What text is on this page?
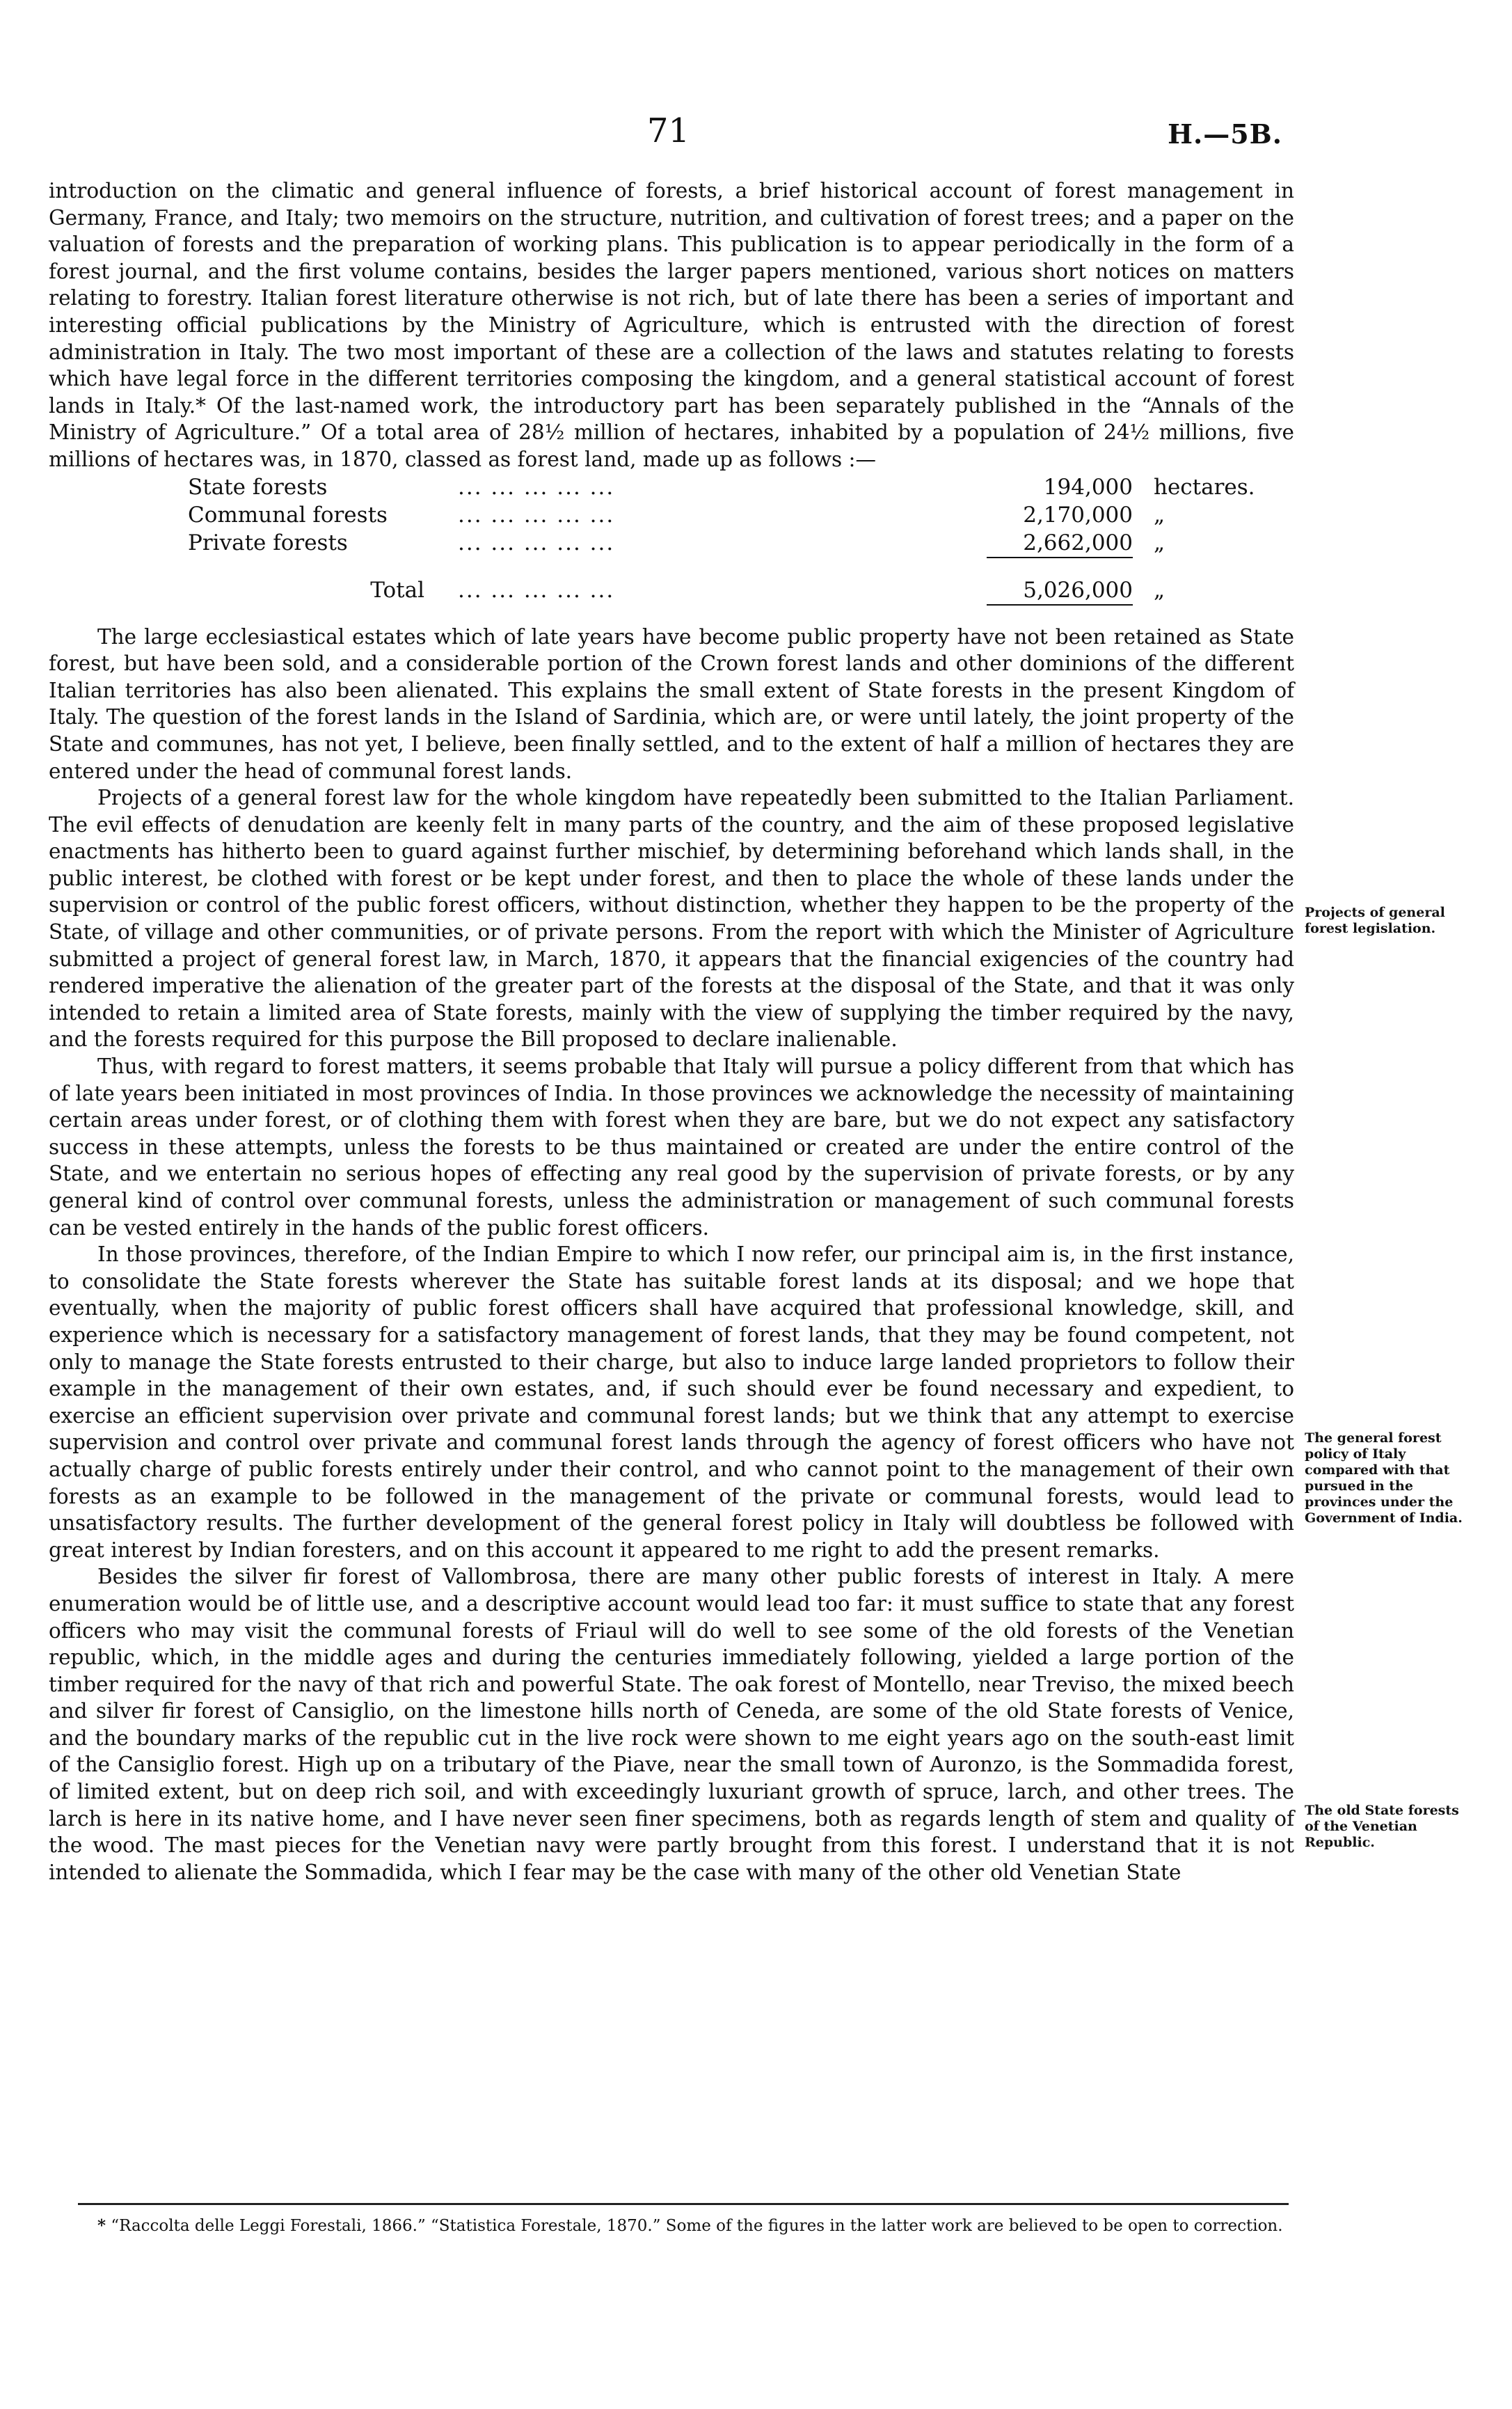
71	H.—5B.

introduction on the climatic and general influence of forests, a brief historical account of forest management in Germany, France, and Italy; two memoirs on the structure, nutrition, and cultivation of forest trees; and a paper on the valuation of forests and the preparation of working plans. This publication is to appear periodically in the form of a forest journal, and the first volume contains, besides the larger papers mentioned, various short notices on matters relating to forestry. Italian forest literature otherwise is not rich, but of late there has been a series of important and interesting official publications by the Ministry of Agriculture, which is entrusted with the direction of forest administration in Italy. The two most important of these are a collection of the laws and statutes relating to forests which have legal force in the different territories composing the kingdom, and a general statistical account of forest lands in Italy.* Of the last-named work, the introductory part has been separately published in the “Annals of the Ministry of Agriculture.” Of a total area of 28½ million of hectares, inhabited by a population of 24½ millions, five millions of hectares was, in 1870, classed as forest land, made up as follows :—

State forests	... ... ... ... ...	194,000	hectares.
Communal forests	... ... ... ... ...	2,170,000	„
Private forests	... ... ... ... ...	2,662,000	„

Total	... ... ... ... ...	5,026,000	„

The large ecclesiastical estates which of late years have become public property have not been retained as State forest, but have been sold, and a considerable portion of the Crown forest lands and other dominions of the different Italian territories has also been alienated. This explains the small extent of State forests in the present Kingdom of Italy. The question of the forest lands in the Island of Sardinia, which are, or were until lately, the joint property of the State and communes, has not yet, I believe, been finally settled, and to the extent of half a million of hectares they are entered under the head of communal forest lands.

Projects of a general forest law for the whole kingdom have repeatedly been submitted to the Italian Parliament. The evil effects of denudation are keenly felt in many parts of the country, and the aim of these proposed legislative enactments has hitherto been to guard against further mischief, by determining beforehand which lands shall, in the public interest, be clothed with forest or be kept under forest, and then to place the whole of these lands under the supervision or control of the public forest officers, without distinction, whether they happen to be the property of the State, of village and other communities, or of private persons. From the report with which the Minister of Agriculture submitted a project of general forest law, in March, 1870, it appears that the financial exigencies of the country had rendered imperative the alienation of the greater part of the forests at the disposal of the State, and that it was only intended to retain a limited area of State forests, mainly with the view of supplying the timber required by the navy, and the forests required for this purpose the Bill proposed to declare inalienable.

Thus, with regard to forest matters, it seems probable that Italy will pursue a policy different from that which has of late years been initiated in most provinces of India. In those provinces we acknowledge the necessity of maintaining certain areas under forest, or of clothing them with forest when they are bare, but we do not expect any satisfactory success in these attempts, unless the forests to be thus maintained or created are under the entire control of the State, and we entertain no serious hopes of effecting any real good by the supervision of private forests, or by any general kind of control over communal forests, unless the administration or management of such communal forests can be vested entirely in the hands of the public forest officers.

In those provinces, therefore, of the Indian Empire to which I now refer, our principal aim is, in the first instance, to consolidate the State forests wherever the State has suitable forest lands at its disposal; and we hope that eventually, when the majority of public forest officers shall have acquired that professional knowledge, skill, and experience which is necessary for a satisfactory management of forest lands, that they may be found competent, not only to manage the State forests entrusted to their charge, but also to induce large landed proprietors to follow their example in the management of their own estates, and, if such should ever be found necessary and expedient, to exercise an efficient supervision over private and communal forest lands; but we think that any attempt to exercise supervision and control over private and communal forest lands through the agency of forest officers who have not actually charge of public forests entirely under their control, and who cannot point to the management of their own forests as an example to be followed in the management of the private or communal forests, would lead to unsatisfactory results. The further development of the general forest policy in Italy will doubtless be followed with great interest by Indian foresters, and on this account it appeared to me right to add the present remarks.

Besides the silver fir forest of Vallombrosa, there are many other public forests of interest in Italy. A mere enumeration would be of little use, and a descriptive account would lead too far: it must suffice to state that any forest officers who may visit the communal forests of Friaul will do well to see some of the old forests of the Venetian republic, which, in the middle ages and during the centuries immediately following, yielded a large portion of the timber required for the navy of that rich and powerful State. The oak forest of Montello, near Treviso, the mixed beech and silver fir forest of Cansiglio, on the limestone hills north of Ceneda, are some of the old State forests of Venice, and the boundary marks of the republic cut in the live rock were shown to me eight years ago on the south-east limit of the Cansiglio forest. High up on a tributary of the Piave, near the small town of Auronzo, is the Sommadida forest, of limited extent, but on deep rich soil, and with exceedingly luxuriant growth of spruce, larch, and other trees. The larch is here in its native home, and I have never seen finer specimens, both as regards length of stem and quality of the wood. The mast pieces for the Venetian navy were partly brought from this forest. I understand that it is not intended to alienate the Sommadida, which I fear may be the case with many of the other old Venetian State

Projects of general forest legislation.
The general forest policy of Italy compared with that pursued in the provinces under the Government of India.
The old State forests of the Venetian Republic.
* “Raccolta delle Leggi Forestali, 1866.” “Statistica Forestale, 1870.” Some of the figures in the latter work are believed to be open to correction.
